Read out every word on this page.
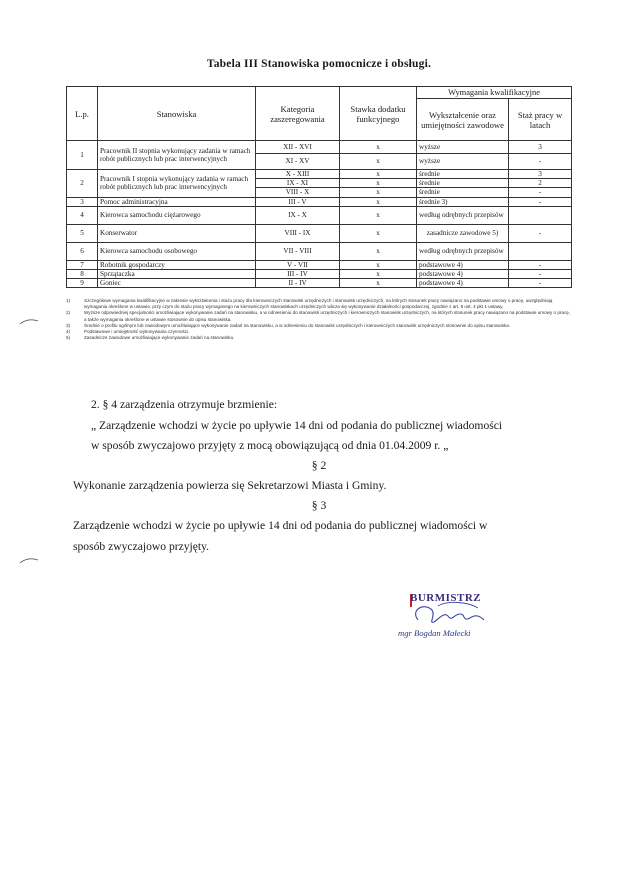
Tabela III Stanowiska pomocnicze i obsługi.
L.p.	Stanowiska	Kategoria zaszeregowania	Stawka dodatku funkcyjnego	Wymagania kwalifikacyjne	
				Wykształcenie oraz umiejętności zawodowe	Staż pracy w latach
1	Pracownik II stopnia wykonujący zadania w ramach robót publicznych lub prac interwencyjnych	XII - XVI	x	wyższe	3
		XI - XV	x	wyższe	-
2	Pracownik I stopnia wykonujący zadania w ramach robót publicznych lub prac interwencyjnych	X - XIII	x	średnie	3
		IX - XI	x	średnie	2
		VIII - X	x	średnie	-
3	Pomoc administracyjna	III - V	x	średnie 3)	-
4	Kierowca samochodu ciężarowego	IX - X	x	według odrębnych przepisów	
5	Konserwator	VIII - IX	x	zasadnicze zawodowe 5)	-
6	Kierowca samochodu osobowego	VII - VIII	x	według odrębnych przepisów	
7	Robotnik gospodarczy	V - VII	x	podstawowe 4)	-
8	Sprzątaczka	III - IV	x	podstawowe 4)	-
9	Goniec	II - IV	x	podstawowe 4)	-
1)	Szczegółowe wymagania kwalifikacyjne w zakresie wykształcenia i stażu pracy dla kierowniczych stanowisk urzędniczych i stanowisk urzędniczych, na których stosunek pracy nawiązano na podstawie umowy o pracę, uwzględniają wymagania określone w ustawie, przy czym do stażu pracy wymaganego na kierowniczych stanowiskach urzędniczych wlicza się wykonywanie działalności gospodarczej, zgodnie z art. 6 ust. 4 pkt 1 ustawy.
2)	Wyższe odpowiedniej specjalności umożliwiające wykonywanie zadań na stanowisku, a w odniesieniu do stanowisk urzędniczych i kierowniczych stanowisk urzędniczych, na których stosunek pracy nawiązano na podstawie umowy o pracę, a także wymagania określone w ustawie stosownie do opisu stanowiska.
3)	Średnie o profilu ogólnym lub zawodowym umożliwiające wykonywanie zadań na stanowisku, a w odniesieniu do stanowisk urzędniczych i kierowniczych stanowisk urzędniczych stosownie do opisu stanowiska.
4)	Podstawowe i umiejętność wykonywania czynności.
5)	Zasadnicze zawodowe umożliwiające wykonywanie zadań na stanowisku.
2. § 4 zarządzenia otrzymuje brzmienie:
„ Zarządzenie wchodzi w życie po upływie 14 dni od podania do publicznej wiadomości
w sposób zwyczajowo przyjęty z mocą obowiązującą od dnia 01.04.2009 r. „
§ 2
Wykonanie zarządzenia powierza się Sekretarzowi Miasta i Gminy.
§ 3
Zarządzenie wchodzi w życie po upływie 14 dni od podania do publicznej wiadomości w
sposób zwyczajowo przyjęty.
BURMISTRZ
mgr Bogdan Małecki
